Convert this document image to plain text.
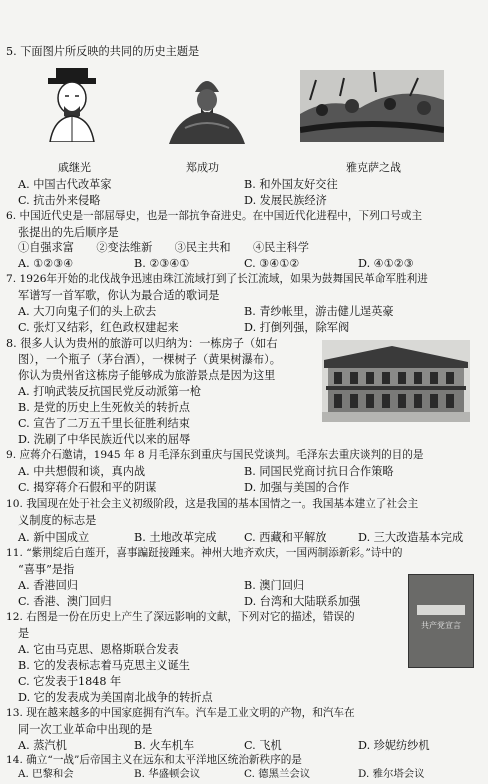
5. 下面图片所反映的共同的历史主题是
戚继光	郑成功	雅克萨之战
A. 中国古代改革家	B. 和外国友好交往
C. 抗击外来侵略	D. 发展民族经济
6. 中国近代史是一部屈辱史，也是一部抗争奋进史。在中国近代化进程中，下列口号或主
张提出的先后顺序是
①自强求富　　②变法维新　　③民主共和　　④民主科学
A. ①②③④	B. ②③④①	C. ③④①②	D. ④①②③
7. 1926年开始的北伐战争迅速由珠江流域打到了长江流域，如果为鼓舞国民革命军胜利进
军谱写一首军歌，你认为最合适的歌词是
A. 大刀向鬼子们的头上砍去	B. 青纱帐里，游击健儿逞英豪
C. 张灯又结彩，红色政权建起来	D. 打倒列强，除军阀
8. 很多人认为贵州的旅游可以归纳为：一栋房子（如右
图），一个瓶子（茅台酒），一棵树子（黄果树瀑布）。
你认为贵州省这栋房子能够成为旅游景点是因为这里
A. 打响武装反抗国民党反动派第一枪
B. 是党的历史上生死攸关的转折点
C. 宣告了二万五千里长征胜利结束
D. 洗刷了中华民族近代以来的屈辱
9. 应蒋介石邀请，1945 年 8 月毛泽东到重庆与国民党谈判。毛泽东去重庆谈判的目的是
A. 中共想假和谈，真内战	B. 同国民党商讨抗日合作策略
C. 揭穿蒋介石假和平的阴谋	D. 加强与美国的合作
10. 我国现在处于社会主义初级阶段，这是我国的基本国情之一。我国基本建立了社会主
义制度的标志是
A. 新中国成立	B. 土地改革完成 C. 西藏和平解放	D. 三大改造基本完成
11. “紫荆绽后白莲开，喜事蹁跹接踵来。神州大地齐欢庆，一国两制添新彩。”诗中的
“喜事”是指
A. 香港回归	B. 澳门回归
C. 香港、澳门回归	D. 台湾和大陆联系加强
12. 右图是一份在历史上产生了深远影响的文献，下列对它的描述，错误的
是
A. 它由马克思、恩格斯联合发表
B. 它的发表标志着马克思主义诞生
C. 它发表于1848 年
D. 它的发表成为美国南北战争的转折点
共产党宣言
13. 现在越来越多的中国家庭拥有汽车。汽车是工业文明的产物，和汽车在
同一次工业革命中出现的是
A. 蒸汽机	B. 火车机车	C. 飞机	D. 珍妮纺纱机
14. 确立“一战”后帝国主义在远东和太平洋地区统治新秩序的是
A. 巴黎和会	B. 华盛顿会议	C. 德黑兰会议	D. 雅尔塔会议
